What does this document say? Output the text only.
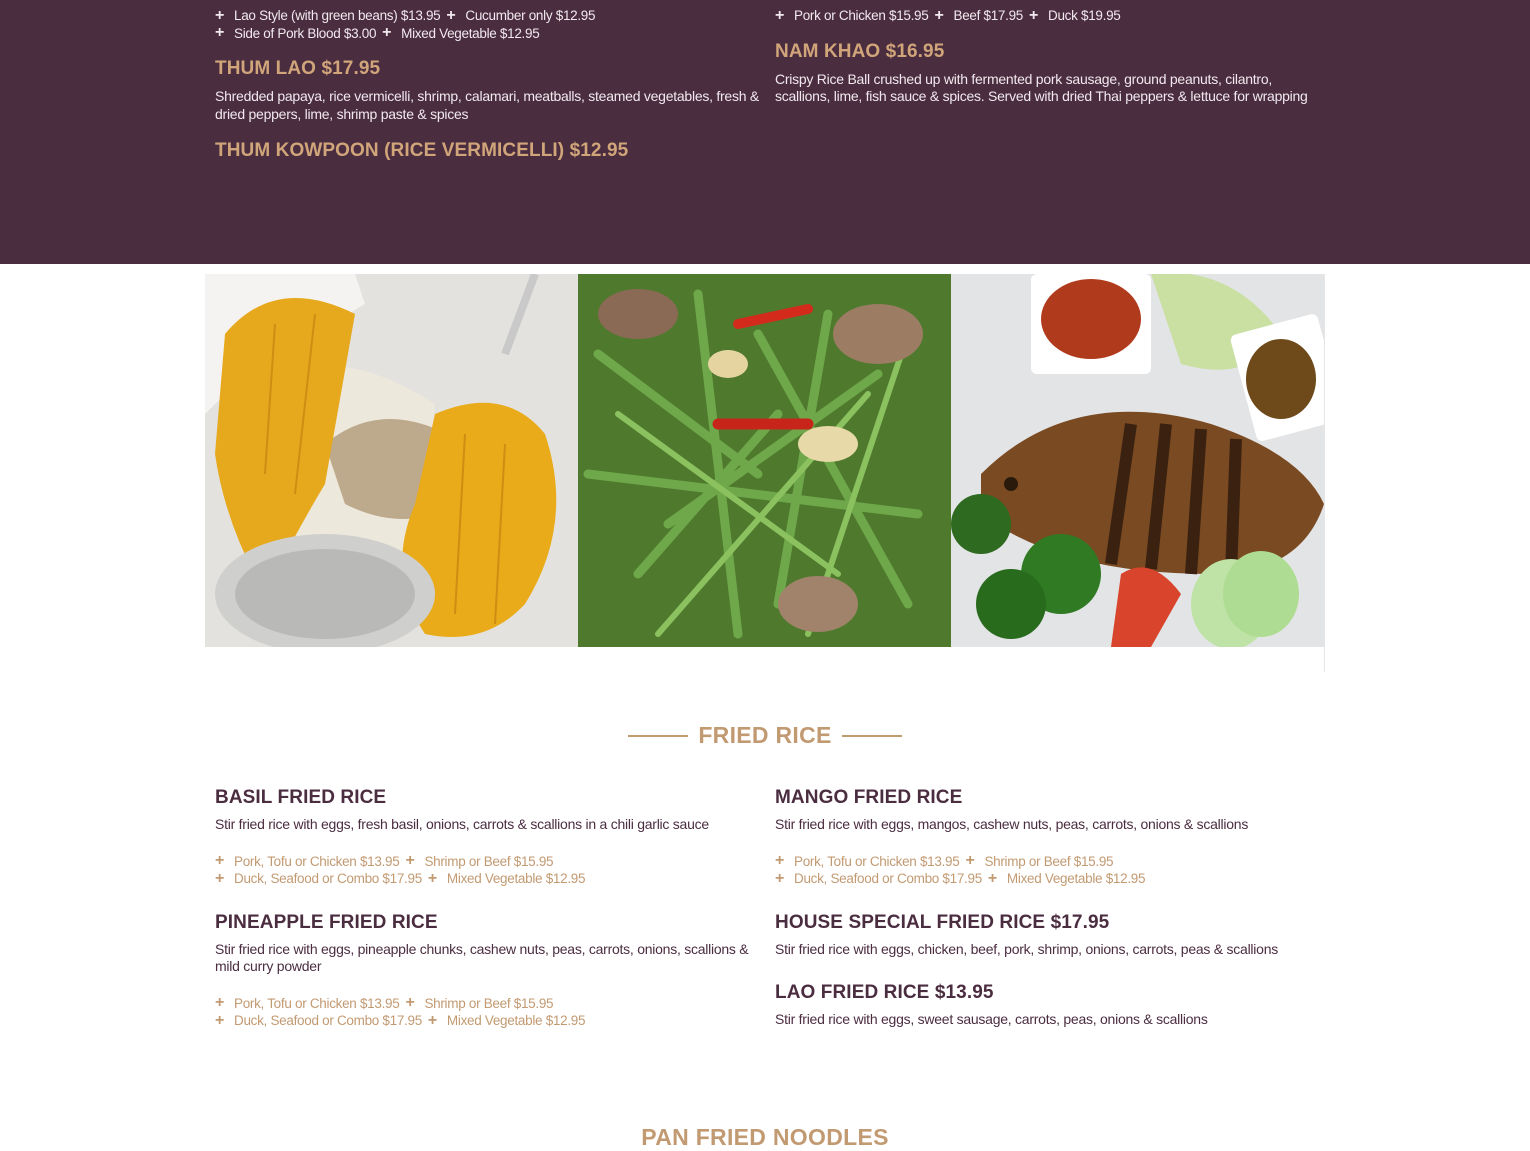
+ Lao Style (with green beans) $13.95 + Cucumber only $12.95
+ Side of Pork Blood $3.00 + Mixed Vegetable $12.95
THUM LAO $17.95
Shredded papaya, rice vermicelli, shrimp, calamari, meatballs, steamed vegetables, fresh & dried peppers, lime, shrimp paste & spices
THUM KOWPOON (RICE VERMICELLI) $12.95
+ Pork or Chicken $15.95 + Beef $17.95 + Duck $19.95
NAM KHAO $16.95
Crispy Rice Ball crushed up with fermented pork sausage, ground peanuts, cilantro, scallions, lime, fish sauce & spices. Served with dried Thai peppers & lettuce for wrapping
FRIED RICE
BASIL FRIED RICE
Stir fried rice with eggs, fresh basil, onions, carrots & scallions in a chili garlic sauce
+ Pork, Tofu or Chicken $13.95 + Shrimp or Beef $15.95
+ Duck, Seafood or Combo $17.95 + Mixed Vegetable $12.95
PINEAPPLE FRIED RICE
Stir fried rice with eggs, pineapple chunks, cashew nuts, peas, carrots, onions, scallions & mild curry powder
+ Pork, Tofu or Chicken $13.95 + Shrimp or Beef $15.95
+ Duck, Seafood or Combo $17.95 + Mixed Vegetable $12.95
MANGO FRIED RICE
Stir fried rice with eggs, mangos, cashew nuts, peas, carrots, onions & scallions
+ Pork, Tofu or Chicken $13.95 + Shrimp or Beef $15.95
+ Duck, Seafood or Combo $17.95 + Mixed Vegetable $12.95
HOUSE SPECIAL FRIED RICE $17.95
Stir fried rice with eggs, chicken, beef, pork, shrimp, onions, carrots, peas & scallions
LAO FRIED RICE $13.95
Stir fried rice with eggs, sweet sausage, carrots, peas, onions & scallions
PAN FRIED NOODLES
